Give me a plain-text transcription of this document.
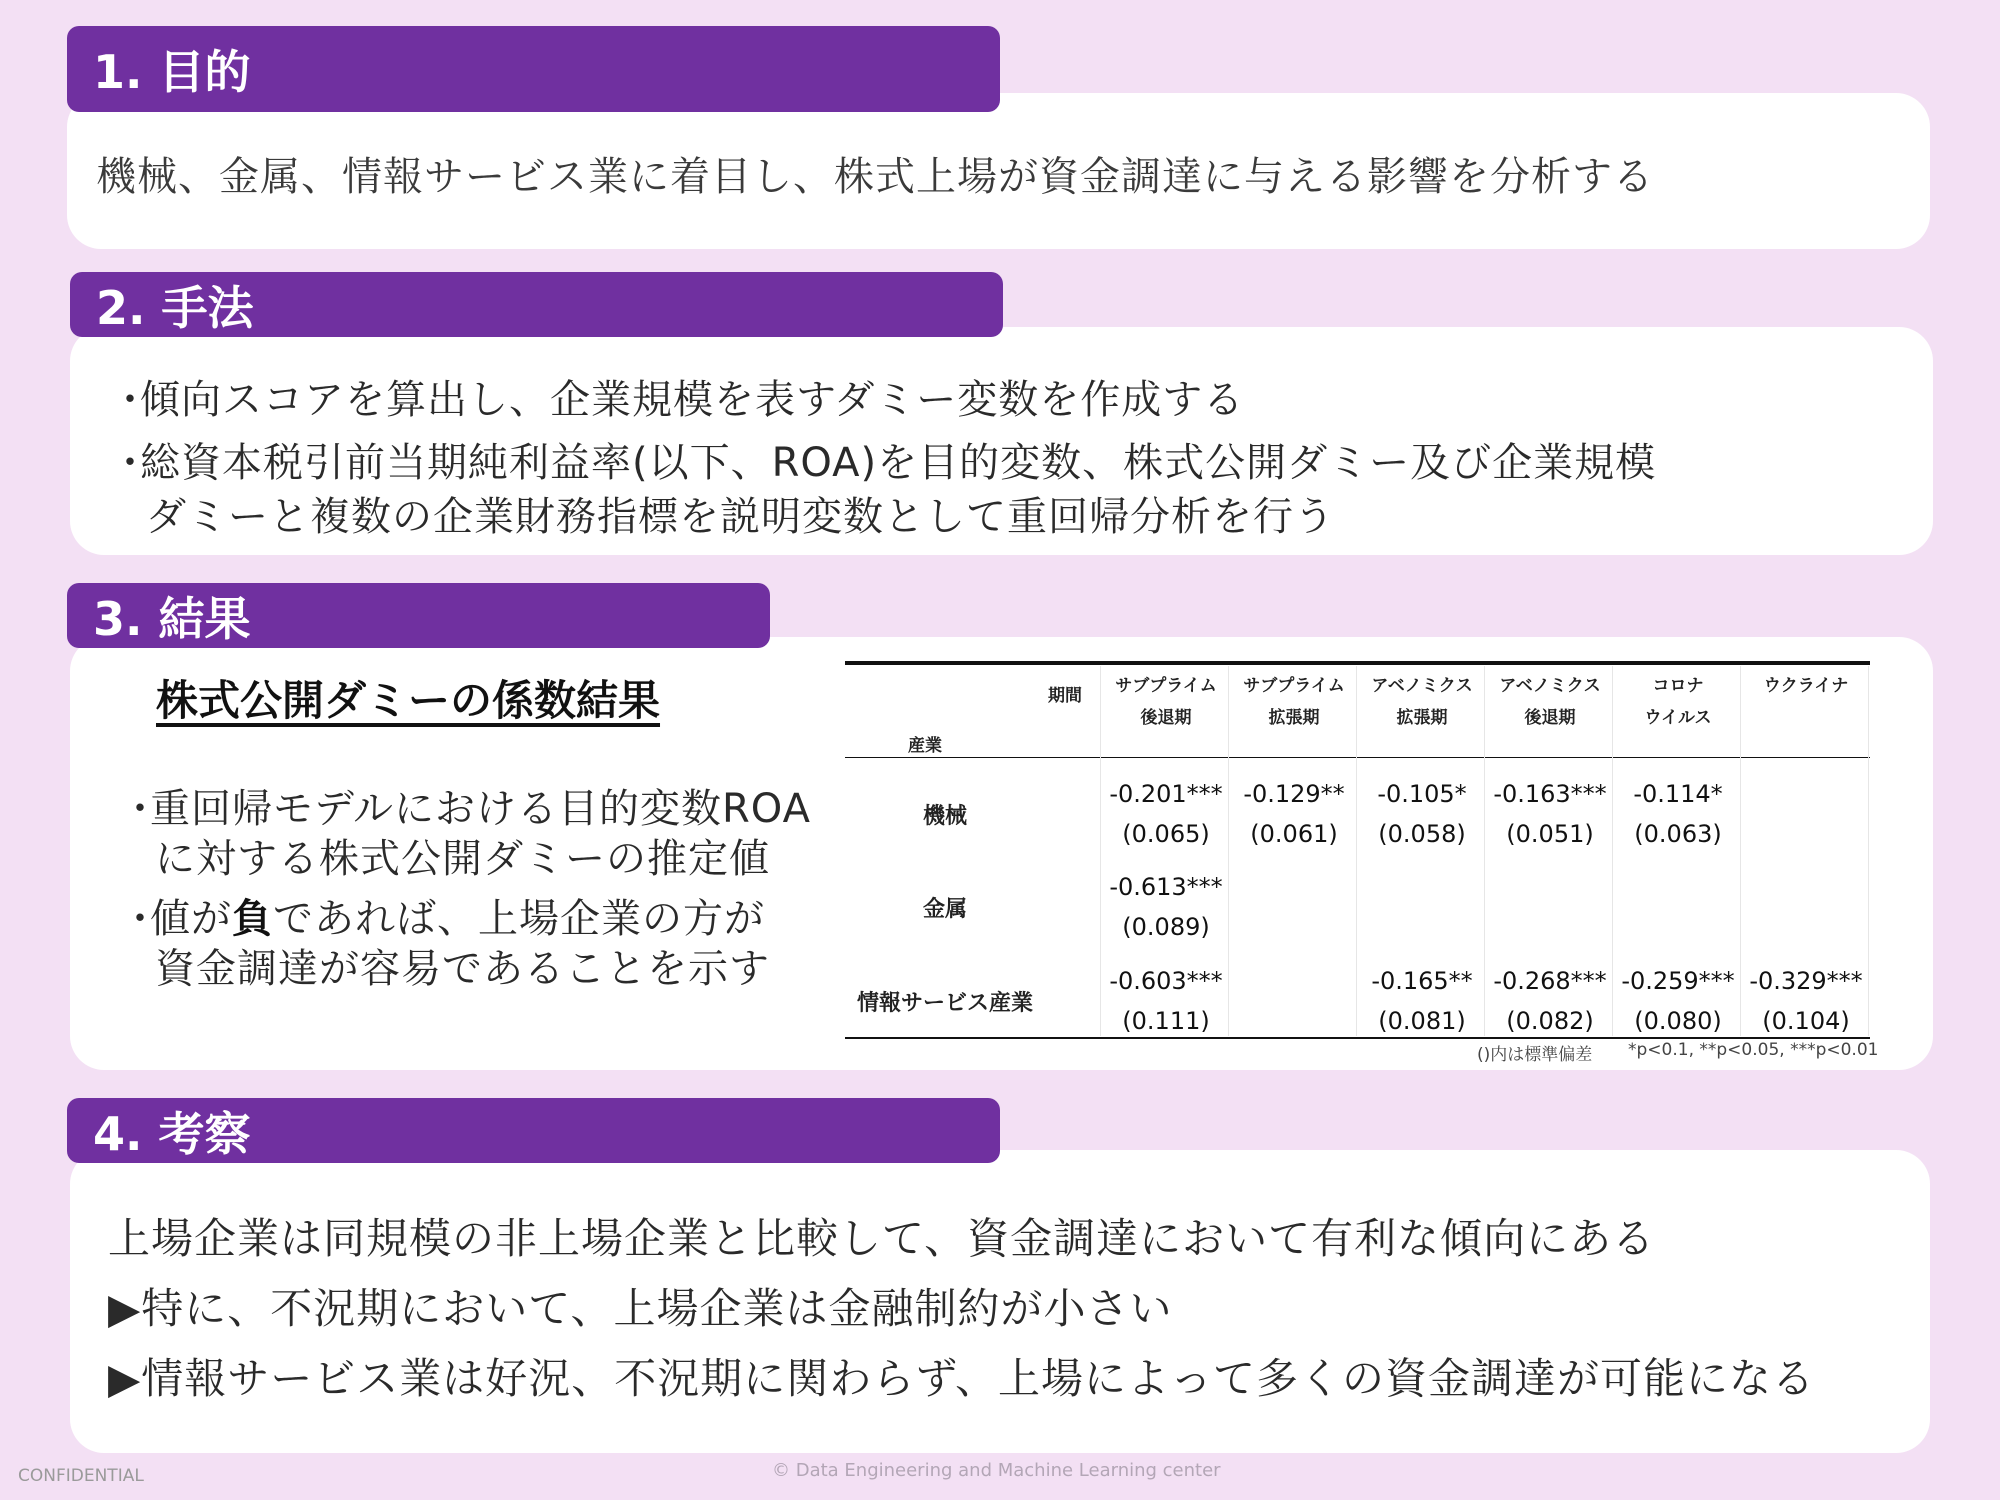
1. 目的
機械、金属、情報サービス業に着目し、株式上場が資金調達に与える影響を分析する
2. 手法
・傾向スコアを算出し、企業規模を表すダミー変数を作成する
・総資本税引前当期純利益率(以下、ROA)を目的変数、株式公開ダミー及び企業規模
ダミーと複数の企業財務指標を説明変数として重回帰分析を行う
3. 結果
株式公開ダミーの係数結果
・重回帰モデルにおける目的変数ROA
に対する株式公開ダミーの推定値
・値が負であれば、上場企業の方が
資金調達が容易であることを示す
期間
産業
()内は標準偏差 *p<0.1, **p<0.05, ***p<0.01
サブプライム
後退期
サブプライム
拡張期
アベノミクス
拡張期
アベノミクス
後退期
コロナ
ウイルス
ウクライナ
機械
-0.201***
(0.065)
-0.129**
(0.061)
-0.105*
(0.058)
-0.163***
(0.051)
-0.114*
(0.063)
金属
-0.613***
(0.089)
情報サービス産業
-0.603***
(0.111)
-0.165**
(0.081)
-0.268***
(0.082)
-0.259***
(0.080)
-0.329***
(0.104)
4. 考察
上場企業は同規模の非上場企業と比較して、資金調達において有利な傾向にある
▶特に、不況期において、上場企業は金融制約が小さい
▶情報サービス業は好況、不況期に関わらず、上場によって多くの資金調達が可能になる
CONFIDENTIAL	© Data Engineering and Machine Learning center
